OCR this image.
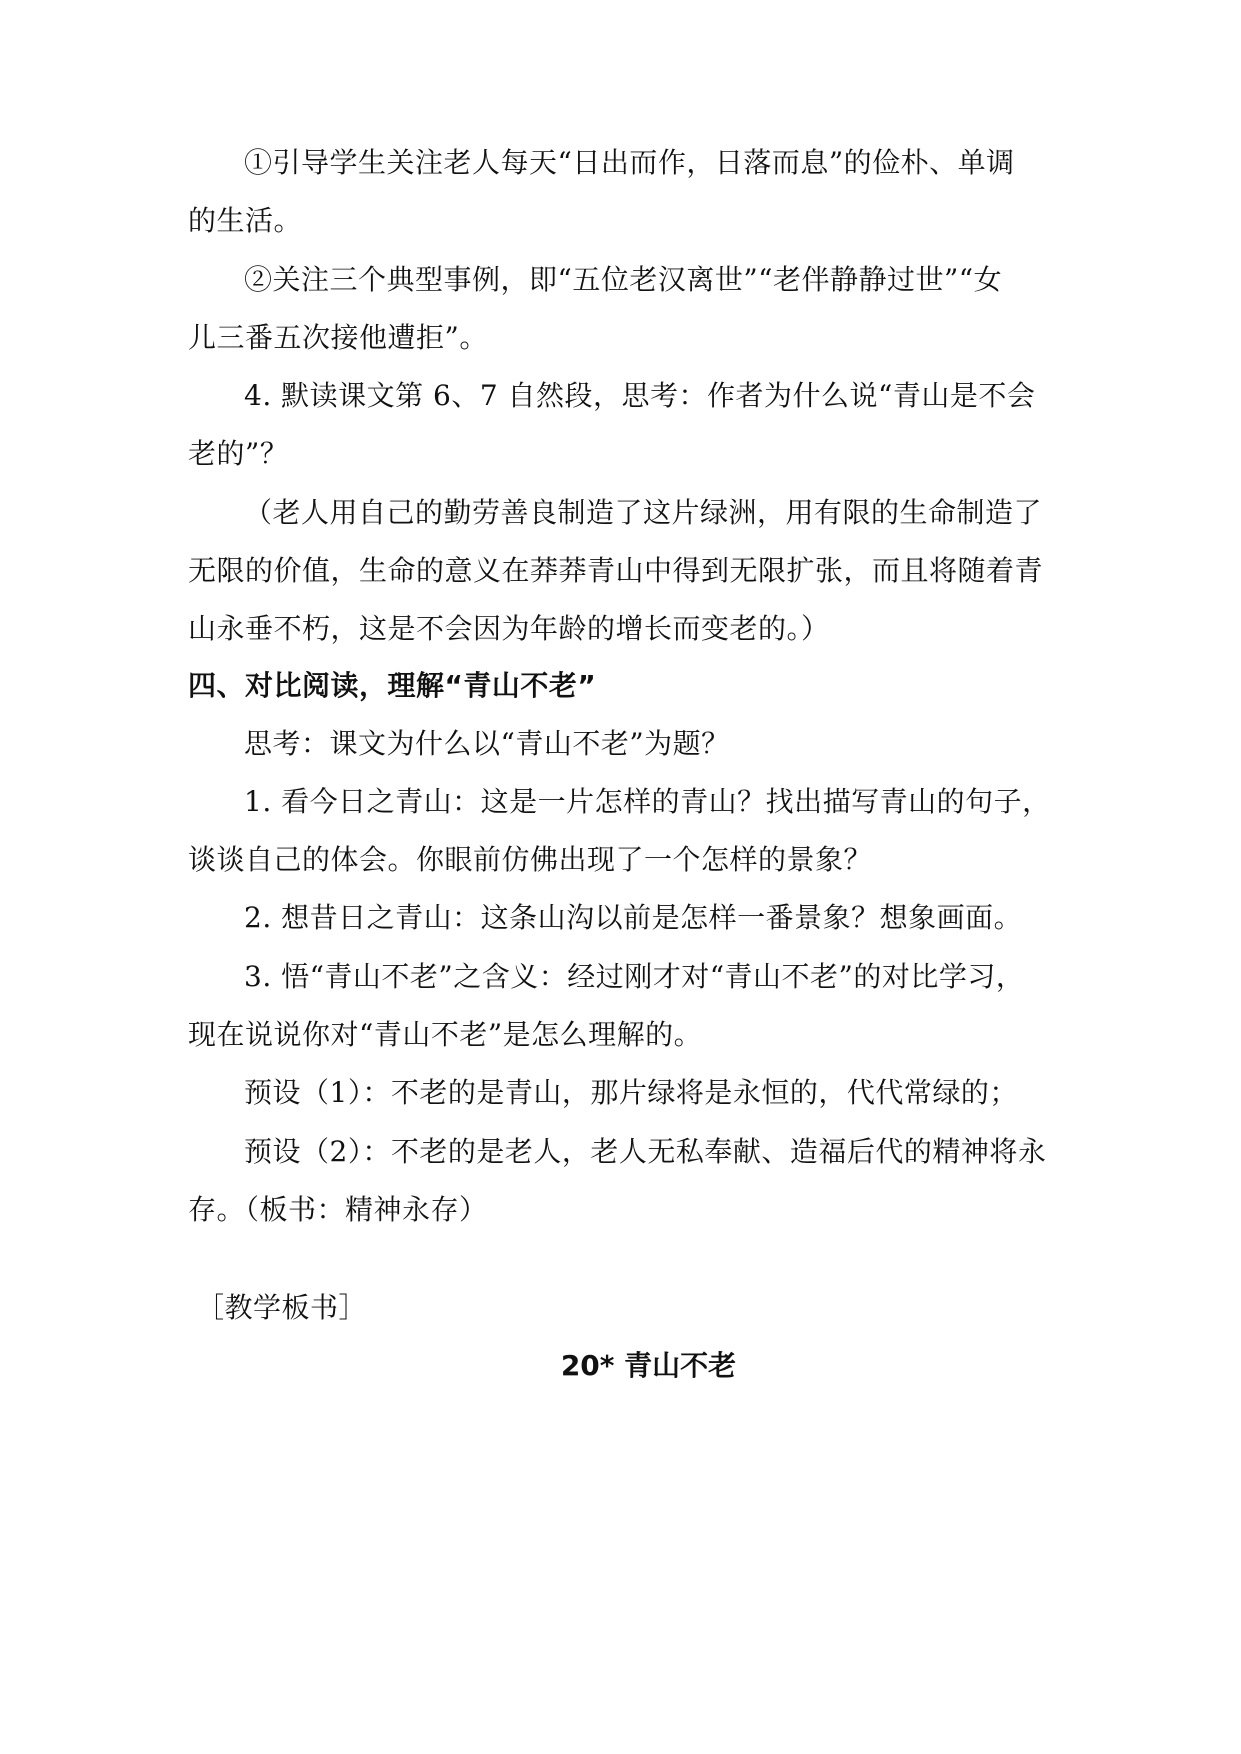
①引导学生关注老人每天“日出而作，日落而息”的俭朴、单调
的生活。
②关注三个典型事例，即“五位老汉离世”“老伴静静过世”“女
儿三番五次接他遭拒”。
4. 默读课文第 6、7 自然段，思考：作者为什么说“青山是不会
老的”？
（老人用自己的勤劳善良制造了这片绿洲，用有限的生命制造了
无限的价值，生命的意义在莽莽青山中得到无限扩张，而且将随着青
山永垂不朽，这是不会因为年龄的增长而变老的。）
四、对比阅读，理解“青山不老”
思考：课文为什么以“青山不老”为题？
1. 看今日之青山：这是一片怎样的青山？找出描写青山的句子，
谈谈自己的体会。你眼前仿佛出现了一个怎样的景象？
2. 想昔日之青山：这条山沟以前是怎样一番景象？想象画面。
3. 悟“青山不老”之含义：经过刚才对“青山不老”的对比学习，
现在说说你对“青山不老”是怎么理解的。
预设（1）：不老的是青山，那片绿将是永恒的，代代常绿的；
预设（2）：不老的是老人，老人无私奉献、造福后代的精神将永
存。（板书：精神永存）
［教学板书］
20* 青山不老
